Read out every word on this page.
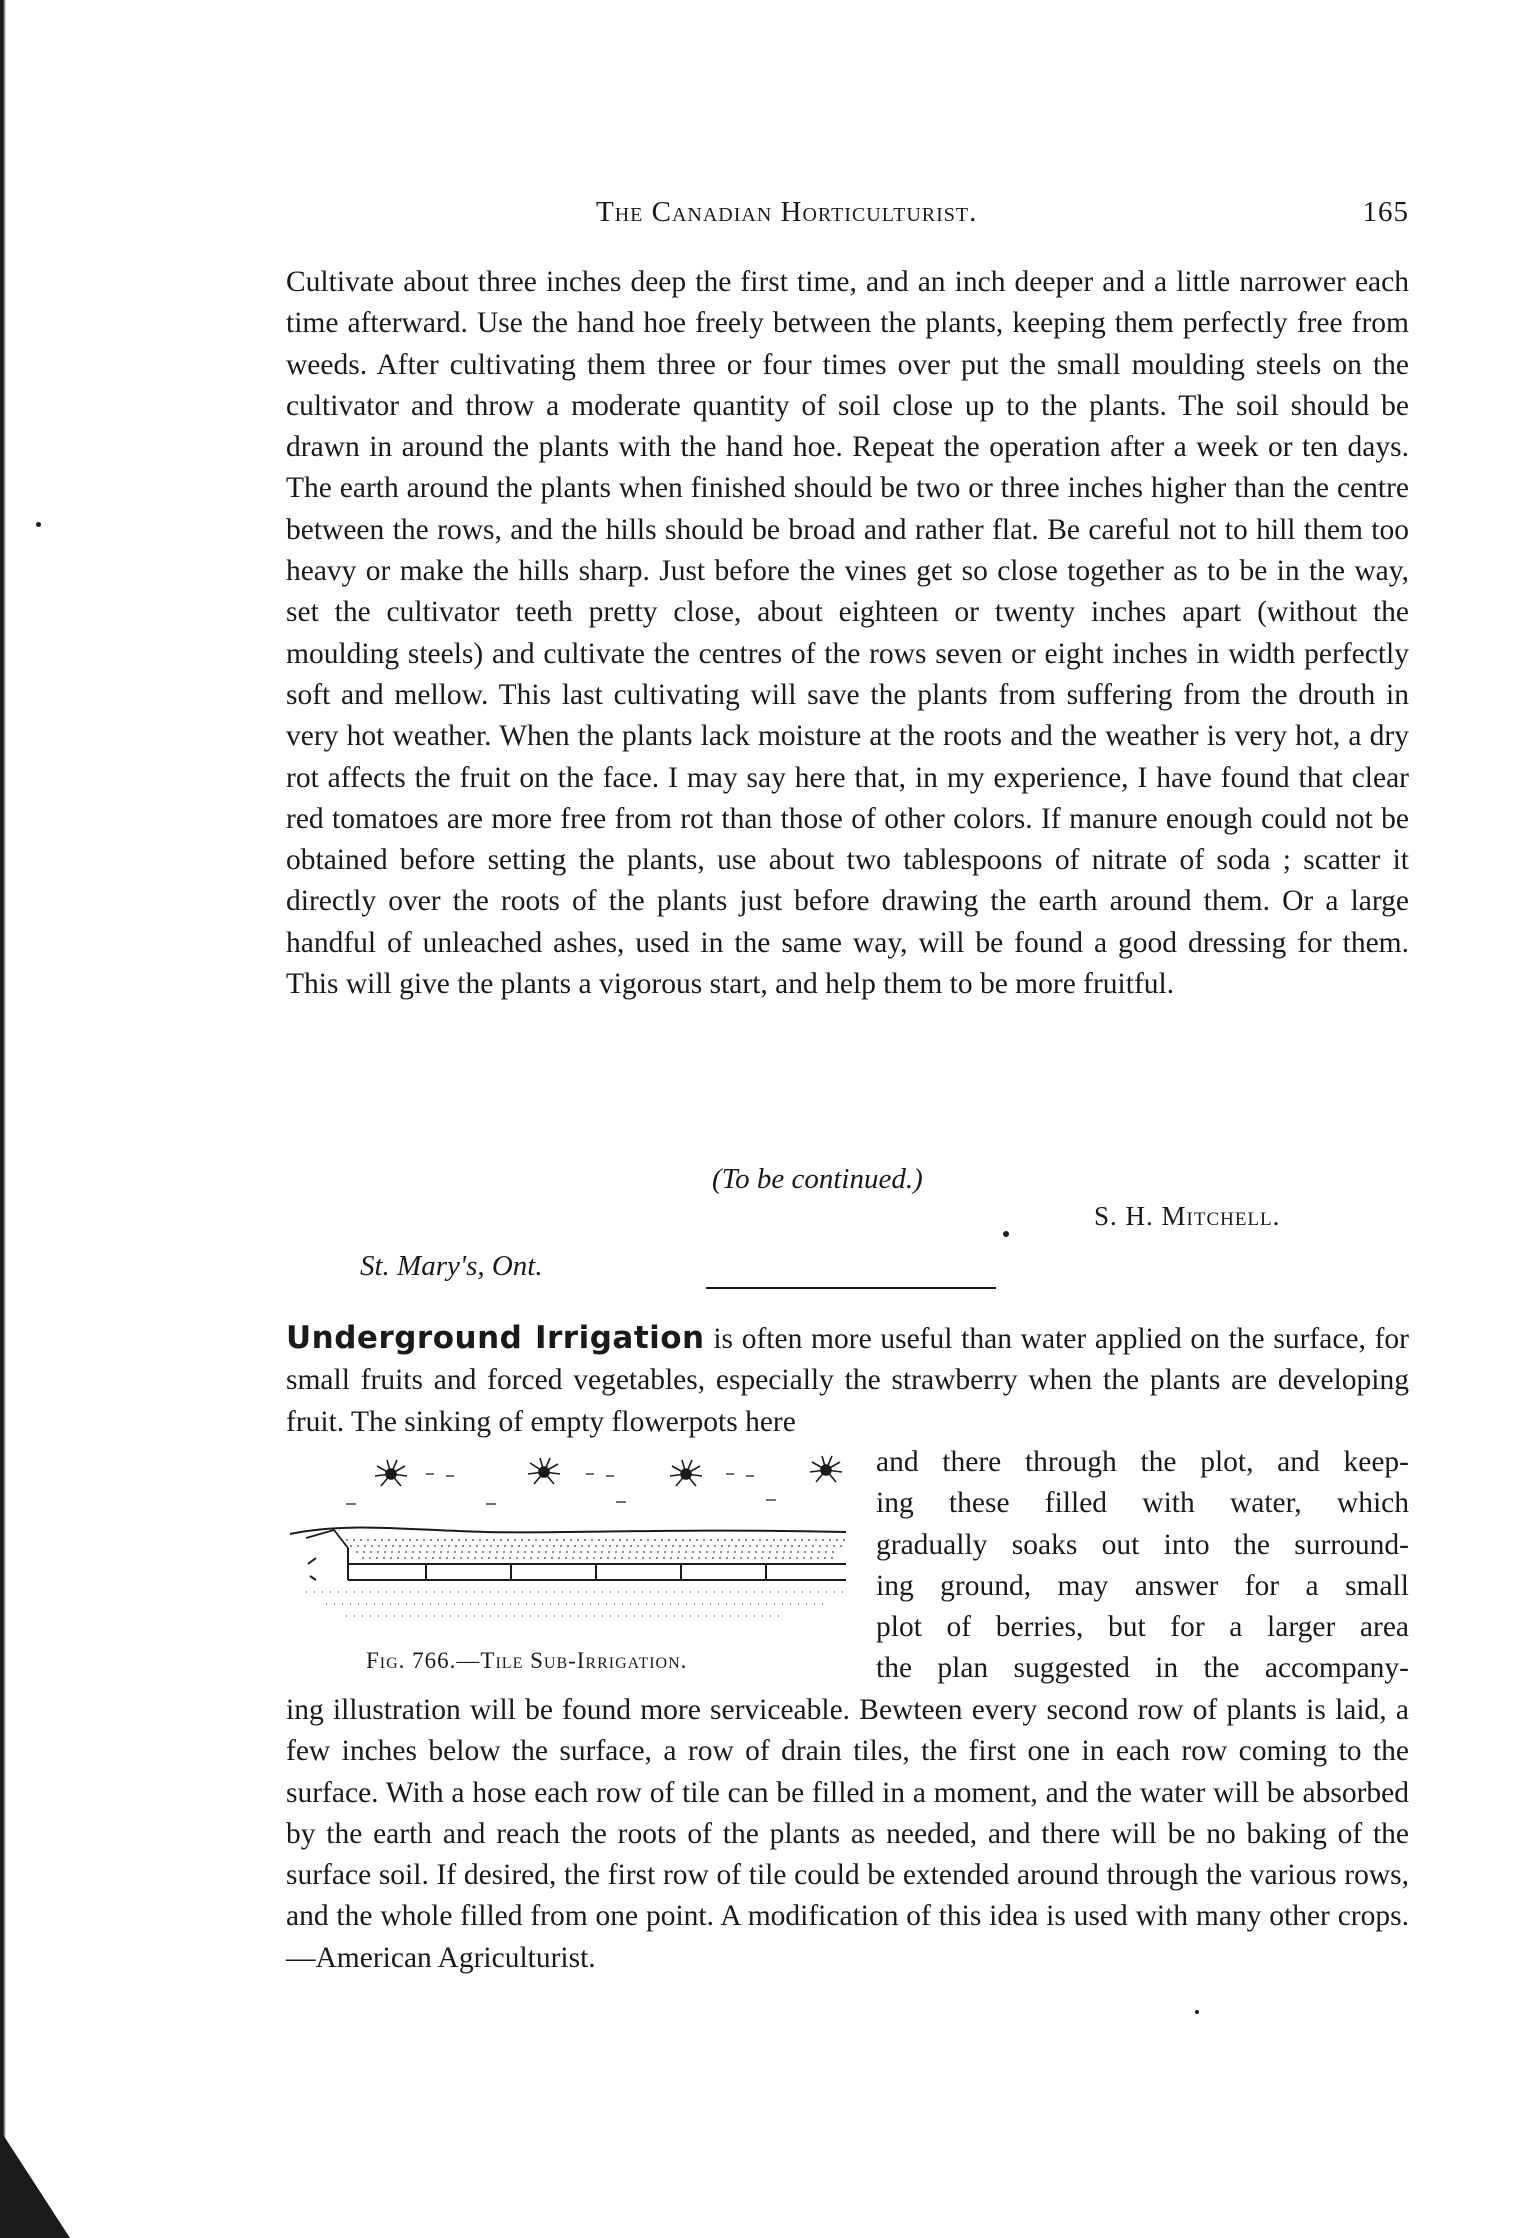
The Canadian Horticulturist.	165
Cultivate about three inches deep the first time, and an inch deeper and a little narrower each time afterward. Use the hand hoe freely between the plants, keeping them perfectly free from weeds. After cultivating them three or four times over put the small moulding steels on the cultivator and throw a moderate quantity of soil close up to the plants. The soil should be drawn in around the plants with the hand hoe. Repeat the operation after a week or ten days. The earth around the plants when finished should be two or three inches higher than the centre between the rows, and the hills should be broad and rather flat. Be careful not to hill them too heavy or make the hills sharp. Just before the vines get so close together as to be in the way, set the cultivator teeth pretty close, about eighteen or twenty inches apart (without the moulding steels) and cultivate the centres of the rows seven or eight inches in width perfectly soft and mellow. This last cultivating will save the plants from suffering from the drouth in very hot weather. When the plants lack moisture at the roots and the weather is very hot, a dry rot affects the fruit on the face. I may say here that, in my experience, I have found that clear red tomatoes are more free from rot than those of other colors. If manure enough could not be obtained before setting the plants, use about two tablespoons of nitrate of soda ; scatter it directly over the roots of the plants just before drawing the earth around them. Or a large handful of unleached ashes, used in the same way, will be found a good dressing for them. This will give the plants a vigorous start, and help them to be more fruitful.
(To be continued.)
S. H. Mitchell.
St. Mary's, Ont.
Underground Irrigation is often more useful than water applied on the surface, for small fruits and forced vegetables, especially the strawberry when the plants are developing fruit. The sinking of empty flowerpots here
Fig. 766.—Tile Sub-Irrigation.
and there through the plot, and keep-
ing these filled with water, which
gradually soaks out into the surround-
ing ground, may answer for a small
plot of berries, but for a larger area
the plan suggested in the accompany-
ing illustration will be found more serviceable. Bewteen every second row of plants is laid, a few inches below the surface, a row of drain tiles, the first one in each row coming to the surface. With a hose each row of tile can be filled in a moment, and the water will be absorbed by the earth and reach the roots of the plants as needed, and there will be no baking of the surface soil. If desired, the first row of tile could be extended around through the various rows, and the whole filled from one point. A modification of this idea is used with many other crops.—American Agriculturist.
